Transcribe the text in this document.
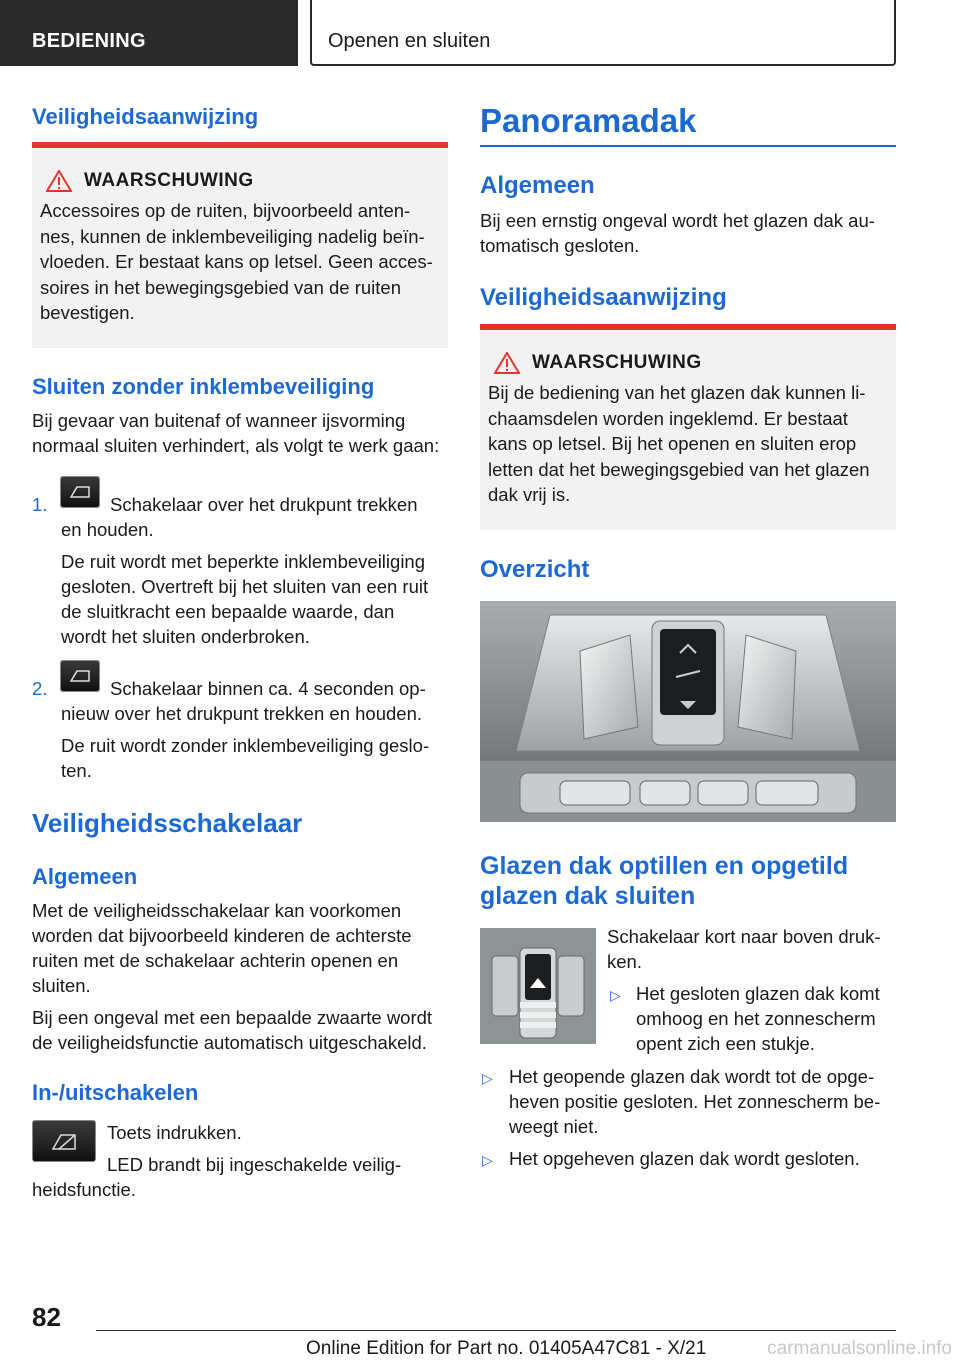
BEDIENING	Openen en sluiten
Veiligheidsaanwijzing
WAARSCHUWING
Accessoires op de ruiten, bijvoorbeeld anten-
nes, kunnen de inklembeveiliging nadelig beïn-
vloeden. Er bestaat kans op letsel. Geen acces-
soires in het bewegingsgebied van de ruiten
bevestigen.
Sluiten zonder inklembeveiliging
Bij gevaar van buitenaf of wanneer ijsvorming
normaal sluiten verhindert, als volgt te werk gaan:
1.	Schakelaar over het drukpunt trekken
en houden.
De ruit wordt met beperkte inklembeveiliging
gesloten. Overtreft bij het sluiten van een ruit
de sluitkracht een bepaalde waarde, dan
wordt het sluiten onderbroken.
2.	Schakelaar binnen ca. 4 seconden op-
nieuw over het drukpunt trekken en houden.
De ruit wordt zonder inklembeveiliging geslo-
ten.
Veiligheidsschakelaar
Algemeen
Met de veiligheidsschakelaar kan voorkomen
worden dat bijvoorbeeld kinderen de achterste
ruiten met de schakelaar achterin openen en
sluiten.
Bij een ongeval met een bepaalde zwaarte wordt
de veiligheidsfunctie automatisch uitgeschakeld.
In-/uitschakelen
Toets indrukken.
LED brandt bij ingeschakelde veilig-
heidsfunctie.
Panoramadak
Algemeen
Bij een ernstig ongeval wordt het glazen dak au-
tomatisch gesloten.
Veiligheidsaanwijzing
WAARSCHUWING
Bij de bediening van het glazen dak kunnen li-
chaamsdelen worden ingeklemd. Er bestaat
kans op letsel. Bij het openen en sluiten erop
letten dat het bewegingsgebied van het glazen
dak vrij is.
Overzicht
Glazen dak optillen en opgetild
glazen dak sluiten
Schakelaar kort naar boven druk-
ken.
▷ Het gesloten glazen dak komt
omhoog en het zonnescherm
opent zich een stukje.
▷ Het geopende glazen dak wordt tot de opge-
heven positie gesloten. Het zonnescherm be-
weegt niet.
▷ Het opgeheven glazen dak wordt gesloten.
82
Online Edition for Part no. 01405A47C81 - X/21	carmanualsonline.info
